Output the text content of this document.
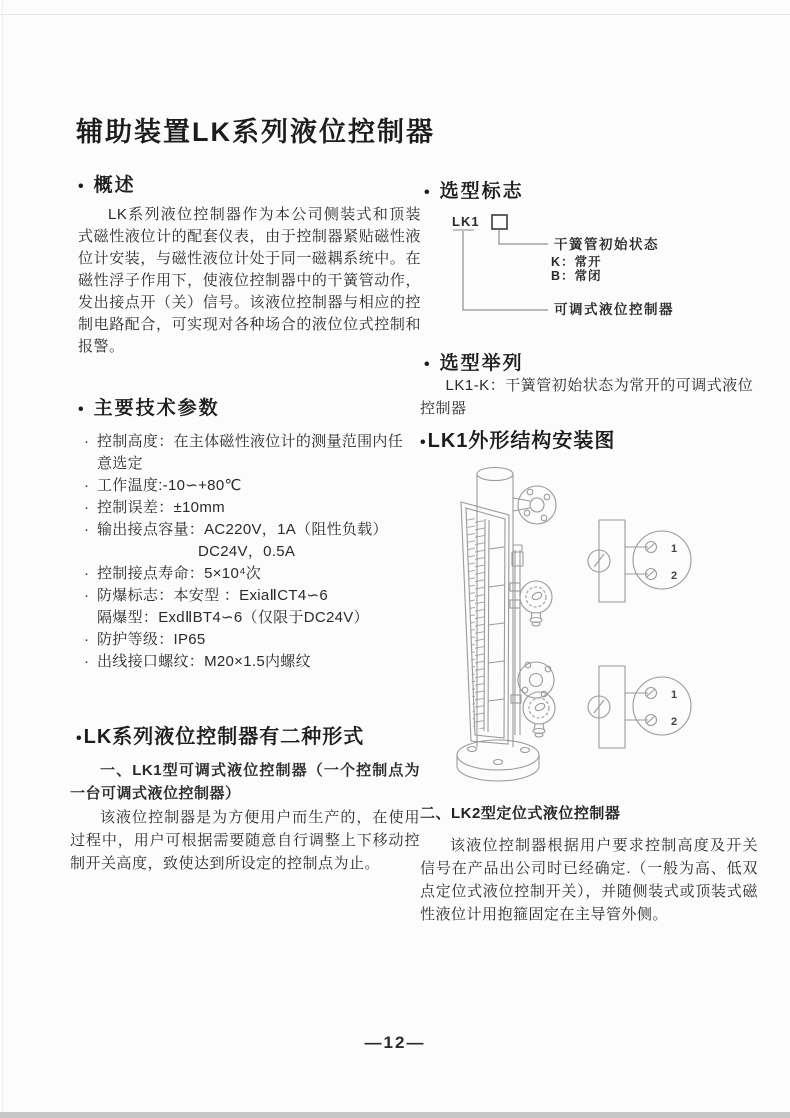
辅助装置LK系列液位控制器
• 概述
LK系列液位控制器作为本公司侧装式和顶装式磁性液位计的配套仪表，由于控制器紧贴磁性液位计安装，与磁性液位计处于同一磁耦系统中。在磁性浮子作用下，使液位控制器中的干簧管动作，发出接点开（关）信号。该液位控制器与相应的控制电路配合，可实现对各种场合的液位位式控制和报警。
• 主要技术参数
· 控制高度：在主体磁性液位计的测量范围内任意选定
· 工作温度:-10∽+80℃
· 控制误差：±10mm
· 输出接点容量：AC220V，1A（阻性负载）
DC24V，0.5A
· 控制接点寿命：5×10⁴次
· 防爆标志：本安型 ：ExiaⅡCT4∽6
隔爆型：ExdⅡBT4∽6（仅限于DC24V）
· 防护等级：IP65
· 出线接口螺纹：M20×1.5内螺纹
•LK系列液位控制器有二种形式
一、LK1型可调式液位控制器（一个控制点为一台可调式液位控制器）
该液位控制器是为方便用户而生产的，在使用过程中，用户可根据需要随意自行调整上下移动控制开关高度，致使达到所设定的控制点为止。
• 选型标志
LK1
干簧管初始状态
K：常开
B：常闭
可调式液位控制器
• 选型举列
LK1-K：干簧管初始状态为常开的可调式液位控制器
•LK1外形结构安装图
1
2
1
2
二、LK2型定位式液位控制器
该液位控制器根据用户要求控制高度及开关信号在产品出公司时已经确定.（一般为高、低双点定位式液位控制开关），并随侧装式或顶装式磁性液位计用抱箍固定在主导管外侧。
—12—
